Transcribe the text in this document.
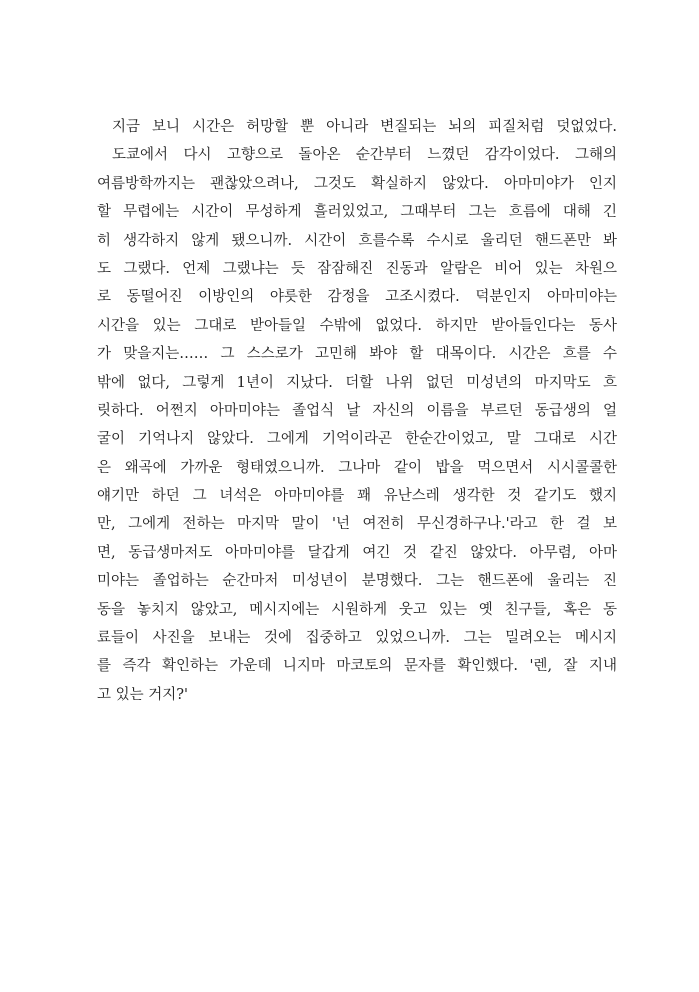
지금 보니 시간은 허망할 뿐 아니라 변질되는 뇌의 피질처럼 덧없었다.
도쿄에서 다시 고향으로 돌아온 순간부터 느꼈던 감각이었다. 그해의
여름방학까지는 괜찮았으려나, 그것도 확실하지 않았다. 아마미야가 인지
할 무렵에는 시간이 무성하게 흘러있었고, 그때부터 그는 흐름에 대해 긴
히 생각하지 않게 됐으니까. 시간이 흐를수록 수시로 울리던 핸드폰만 봐
도 그랬다. 언제 그랬냐는 듯 잠잠해진 진동과 알람은 비어 있는 차원으
로 동떨어진 이방인의 야릇한 감정을 고조시켰다. 덕분인지 아마미야는
시간을 있는 그대로 받아들일 수밖에 없었다. 하지만 받아들인다는 동사
가 맞을지는…… 그 스스로가 고민해 봐야 할 대목이다. 시간은 흐를 수
밖에 없다, 그렇게 1년이 지났다. 더할 나위 없던 미성년의 마지막도 흐
릿하다. 어쩐지 아마미야는 졸업식 날 자신의 이름을 부르던 동급생의 얼
굴이 기억나지 않았다. 그에게 기억이라곤 한순간이었고, 말 그대로 시간
은 왜곡에 가까운 형태였으니까. 그나마 같이 밥을 먹으면서 시시콜콜한
얘기만 하던 그 녀석은 아마미야를 꽤 유난스레 생각한 것 같기도 했지
만, 그에게 전하는 마지막 말이 '넌 여전히 무신경하구나.'라고 한 걸 보
면, 동급생마저도 아마미야를 달갑게 여긴 것 같진 않았다. 아무렴, 아마
미야는 졸업하는 순간마저 미성년이 분명했다. 그는 핸드폰에 울리는 진
동을 놓치지 않았고, 메시지에는 시원하게 웃고 있는 옛 친구들, 혹은 동
료들이 사진을 보내는 것에 집중하고 있었으니까. 그는 밀려오는 메시지
를 즉각 확인하는 가운데 니지마 마코토의 문자를 확인했다. '렌, 잘 지내
고 있는 거지?'
